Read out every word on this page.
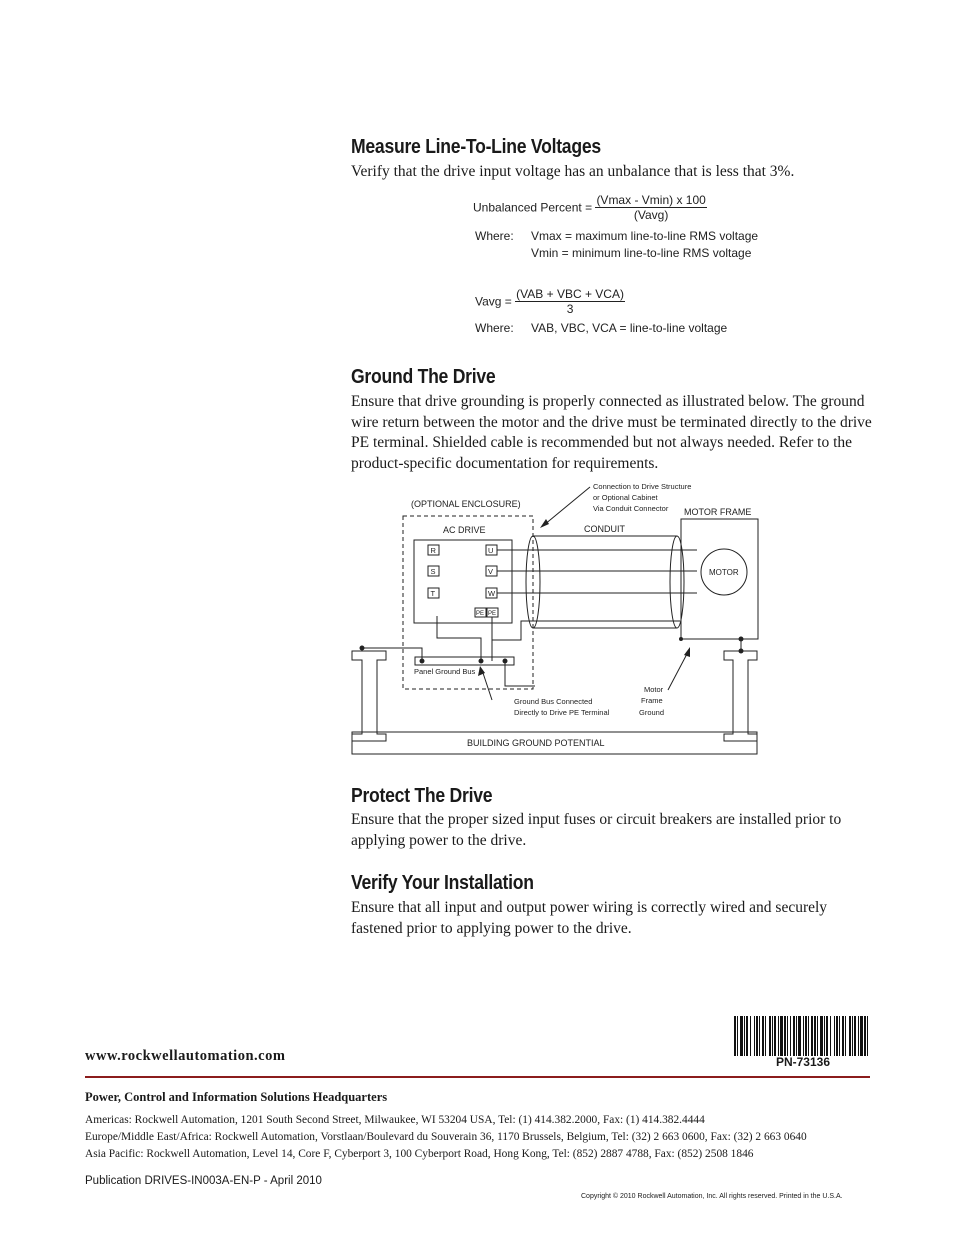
Measure Line-To-Line Voltages
Verify that the drive input voltage has an unbalance that is less that 3%.
Unbalanced Percent = $\frac{(Vmax - Vmin) x 100}{\text{(Vavg)}}$
Where: Vmax = maximum line-to-line RMS voltage
Vmin = minimum line-to-line RMS voltage
Vavg = $\frac{\text{(VAB + VBC + VCA)}}{3}$
Where: VAB, VBC, VCA = line-to-line voltage
Ground The Drive
Ensure that drive grounding is properly connected as illustrated below. The ground wire return between the motor and the drive must be terminated directly to the drive PE terminal. Shielded cable is recommended but not always needed. Refer to the product-specific documentation for requirements.
(OPTIONAL ENCLOSURE)
AC DRIVE	CONDUIT
Connection to Drive Structure
or Optional Cabinet
Via Conduit Connector MOTOR FRAME
MOTOR
R
S
T
U
V
W
PE PE
Panel Ground Bus
Ground Bus Connected
Directly to Drive PE Terminal
Motor
Frame
Ground
BUILDING GROUND POTENTIAL
Protect The Drive
Ensure that the proper sized input fuses or circuit breakers are installed prior to applying power to the drive.
Verify Your Installation
Ensure that all input and output power wiring is correctly wired and securely fastened prior to applying power to the drive.
PN-73136
www.rockwellautomation.com
Power, Control and Information Solutions Headquarters
Americas: Rockwell Automation, 1201 South Second Street, Milwaukee, WI 53204 USA, Tel: (1) 414.382.2000, Fax: (1) 414.382.4444
Europe/Middle East/Africa: Rockwell Automation, Vorstlaan/Boulevard du Souverain 36, 1170 Brussels, Belgium, Tel: (32) 2 663 0600, Fax: (32) 2 663 0640
Asia Pacific: Rockwell Automation, Level 14, Core F, Cyberport 3, 100 Cyberport Road, Hong Kong, Tel: (852) 2887 4788, Fax: (852) 2508 1846
Publication DRIVES-IN003A-EN-P - April 2010
Copyright © 2010 Rockwell Automation, Inc. All rights reserved. Printed in the U.S.A.
